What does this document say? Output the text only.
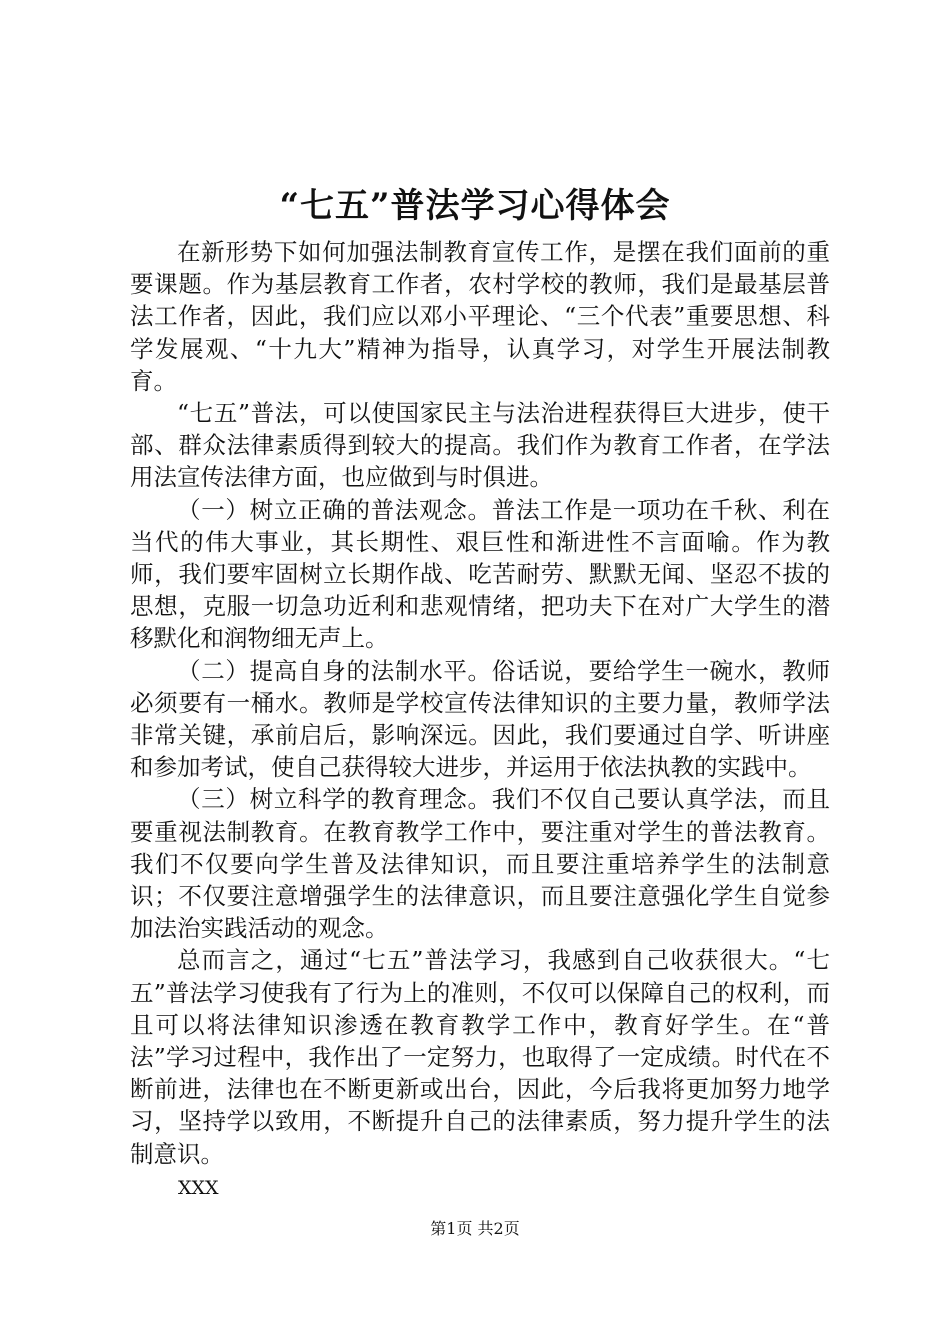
“七五”普法学习心得体会

在新形势下如何加强法制教育宣传工作，是摆在我们面前的重要课题。作为基层教育工作者，农村学校的教师，我们是最基层普法工作者，因此，我们应以邓小平理论、“三个代表”重要思想、科学发展观、“十九大”精神为指导，认真学习，对学生开展法制教育。

“七五”普法，可以使国家民主与法治进程获得巨大进步，使干部、群众法律素质得到较大的提高。我们作为教育工作者，在学法用法宣传法律方面，也应做到与时俱进。

（一）树立正确的普法观念。普法工作是一项功在千秋、利在当代的伟大事业，其长期性、艰巨性和渐进性不言面喻。作为教师，我们要牢固树立长期作战、吃苦耐劳、默默无闻、坚忍不拔的思想，克服一切急功近利和悲观情绪，把功夫下在对广大学生的潜移默化和润物细无声上。

（二）提高自身的法制水平。俗话说，要给学生一碗水，教师必须要有一桶水。教师是学校宣传法律知识的主要力量，教师学法非常关键，承前启后，影响深远。因此，我们要通过自学、听讲座和参加考试，使自己获得较大进步，并运用于依法执教的实践中。

（三）树立科学的教育理念。我们不仅自己要认真学法，而且要重视法制教育。在教育教学工作中，要注重对学生的普法教育。我们不仅要向学生普及法律知识，而且要注重培养学生的法制意识；不仅要注意增强学生的法律意识，而且要注意强化学生自觉参加法治实践活动的观念。

总而言之，通过“七五”普法学习，我感到自己收获很大。“七五”普法学习使我有了行为上的准则，不仅可以保障自己的权利，而且可以将法律知识渗透在教育教学工作中，教育好学生。在“普法”学习过程中，我作出了一定努力，也取得了一定成绩。时代在不断前进，法律也在不断更新或出台，因此，今后我将更加努力地学习，坚持学以致用，不断提升自己的法律素质，努力提升学生的法制意识。

XXX

第1页 共2页
